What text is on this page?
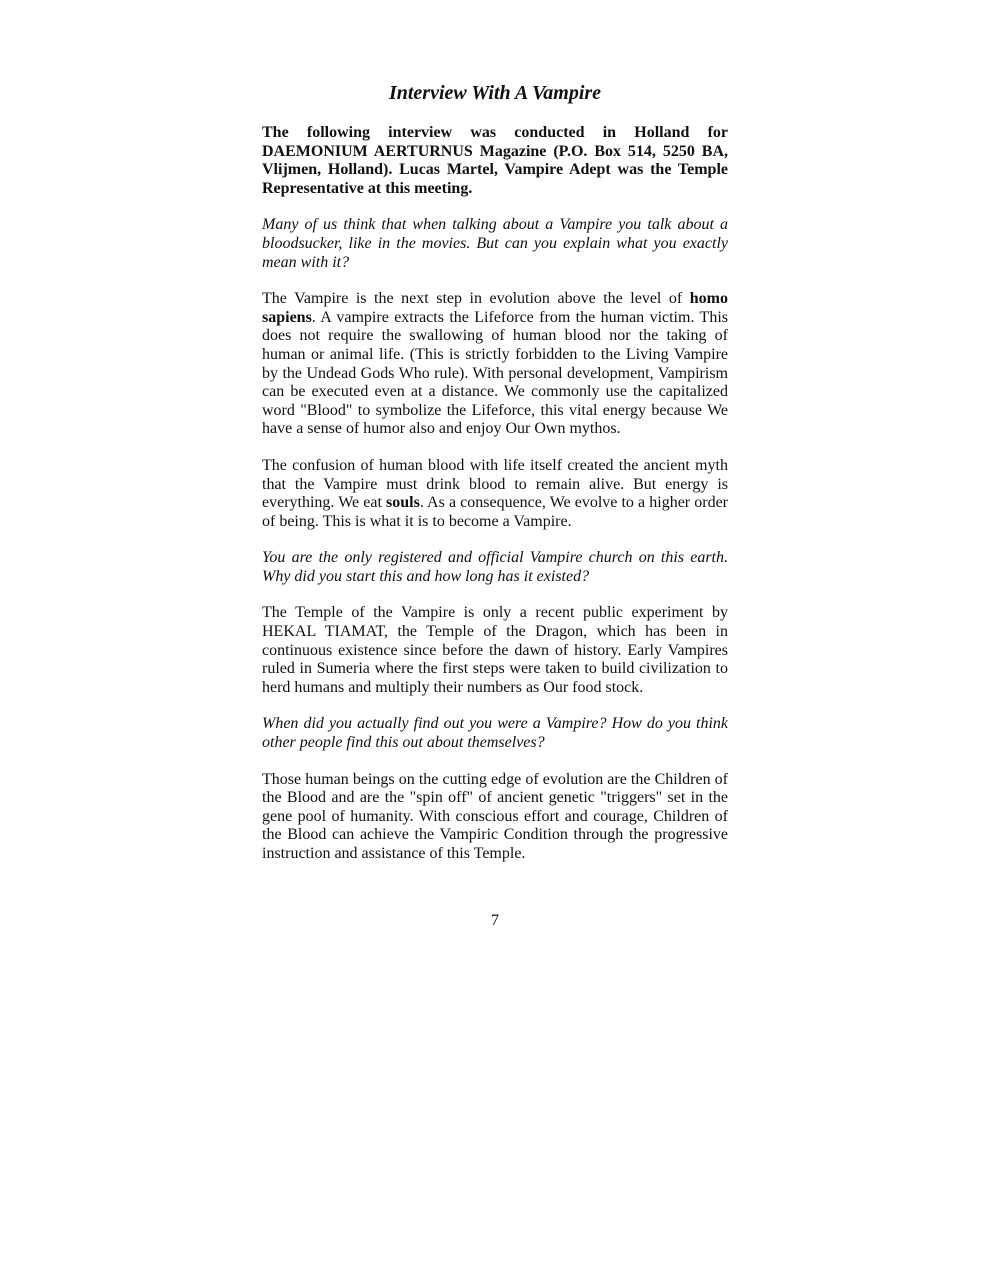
Interview With A Vampire

The following interview was conducted in Holland for DAEMONIUM AERTURNUS Magazine (P.O. Box 514, 5250 BA, Vlijmen, Holland). Lucas Martel, Vampire Adept was the Temple Representative at this meeting.

Many of us think that when talking about a Vampire you talk about a bloodsucker, like in the movies. But can you explain what you exactly mean with it?

The Vampire is the next step in evolution above the level of homo sapiens. A vampire extracts the Lifeforce from the human victim. This does not require the swallowing of human blood nor the taking of human or animal life. (This is strictly forbidden to the Living Vampire by the Undead Gods Who rule). With personal development, Vampirism can be executed even at a distance. We commonly use the capitalized word "Blood" to symbolize the Lifeforce, this vital energy because We have a sense of humor also and enjoy Our Own mythos.

The confusion of human blood with life itself created the ancient myth that the Vampire must drink blood to remain alive. But energy is everything. We eat souls. As a consequence, We evolve to a higher order of being. This is what it is to become a Vampire.

You are the only registered and official Vampire church on this earth. Why did you start this and how long has it existed?

The Temple of the Vampire is only a recent public experiment by HEKAL TIAMAT, the Temple of the Dragon, which has been in continuous existence since before the dawn of history. Early Vampires ruled in Sumeria where the first steps were taken to build civilization to herd humans and multiply their numbers as Our food stock.

When did you actually find out you were a Vampire? How do you think other people find this out about themselves?

Those human beings on the cutting edge of evolution are the Children of the Blood and are the "spin off" of ancient genetic "triggers" set in the gene pool of humanity. With conscious effort and courage, Children of the Blood can achieve the Vampiric Condition through the progressive instruction and assistance of this Temple.

7
